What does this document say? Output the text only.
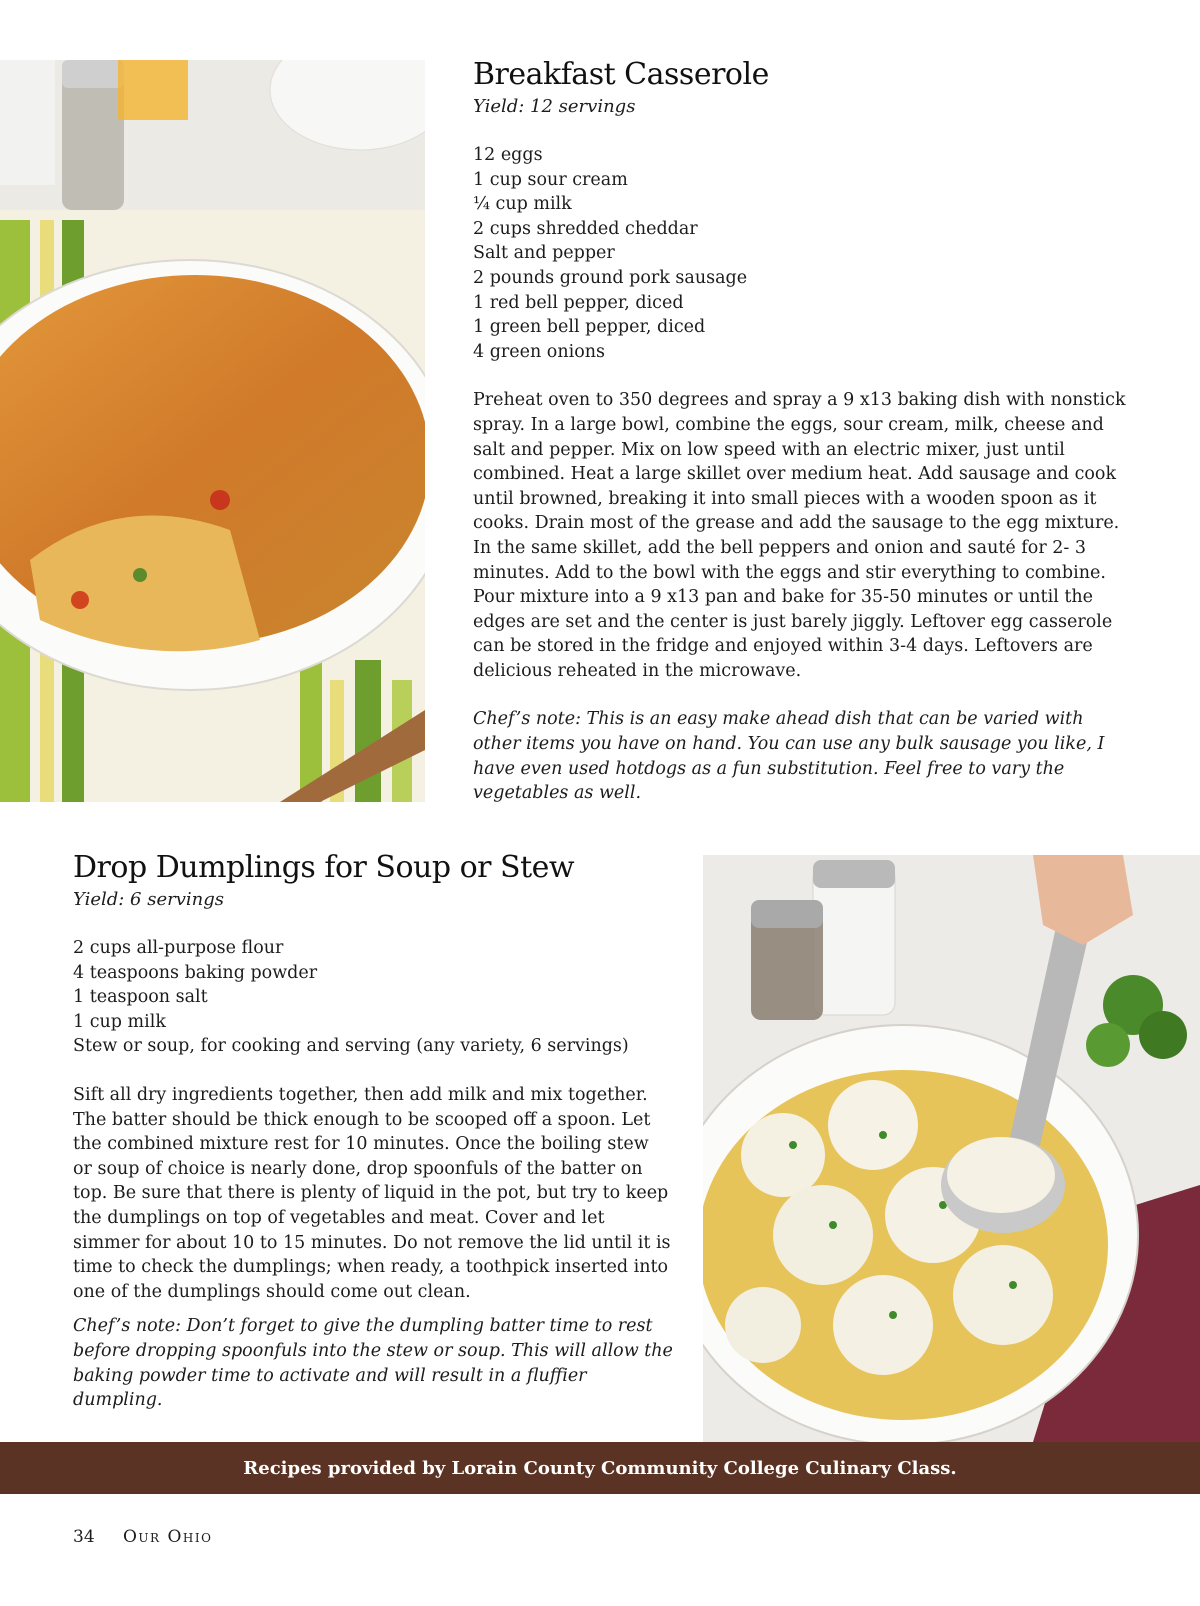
Breakfast Casserole

Yield: 12 servings

12 eggs
1 cup sour cream
¼ cup milk
2 cups shredded cheddar
Salt and pepper
2 pounds ground pork sausage
1 red bell pepper, diced
1 green bell pepper, diced
4 green onions

Preheat oven to 350 degrees and spray a 9 x13 baking dish with nonstick spray. In a large bowl, combine the eggs, sour cream, milk, cheese and salt and pepper. Mix on low speed with an electric mixer, just until combined. Heat a large skillet over medium heat. Add sausage and cook until browned, breaking it into small pieces with a wooden spoon as it cooks. Drain most of the grease and add the sausage to the egg mixture. In the same skillet, add the bell peppers and onion and sauté for 2- 3 minutes. Add to the bowl with the eggs and stir everything to combine. Pour mixture into a 9 x13 pan and bake for 35-50 minutes or until the edges are set and the center is just barely jiggly. Leftover egg casserole can be stored in the fridge and enjoyed within 3-4 days. Leftovers are delicious reheated in the microwave.

Chef’s note: This is an easy make ahead dish that can be varied with other items you have on hand. You can use any bulk sausage you like, I have even used hotdogs as a fun substitution. Feel free to vary the vegetables as well.

Drop Dumplings for Soup or Stew

Yield: 6 servings

2 cups all-purpose flour
4 teaspoons baking powder
1 teaspoon salt
1 cup milk
Stew or soup, for cooking and serving (any variety, 6 servings)

Sift all dry ingredients together, then add milk and mix together. The batter should be thick enough to be scooped off a spoon. Let the combined mixture rest for 10 minutes. Once the boiling stew or soup of choice is nearly done, drop spoonfuls of the batter on top. Be sure that there is plenty of liquid in the pot, but try to keep the dumplings on top of vegetables and meat. Cover and let simmer for about 10 to 15 minutes. Do not remove the lid until it is time to check the dumplings; when ready, a toothpick inserted into one of the dumplings should come out clean.

Chef’s note: Don’t forget to give the dumpling batter time to rest before dropping spoonfuls into the stew or soup. This will allow the baking powder time to activate and will result in a fluffier dumpling.

Recipes provided by Lorain County Community College Culinary Class.
34 Our Ohio
